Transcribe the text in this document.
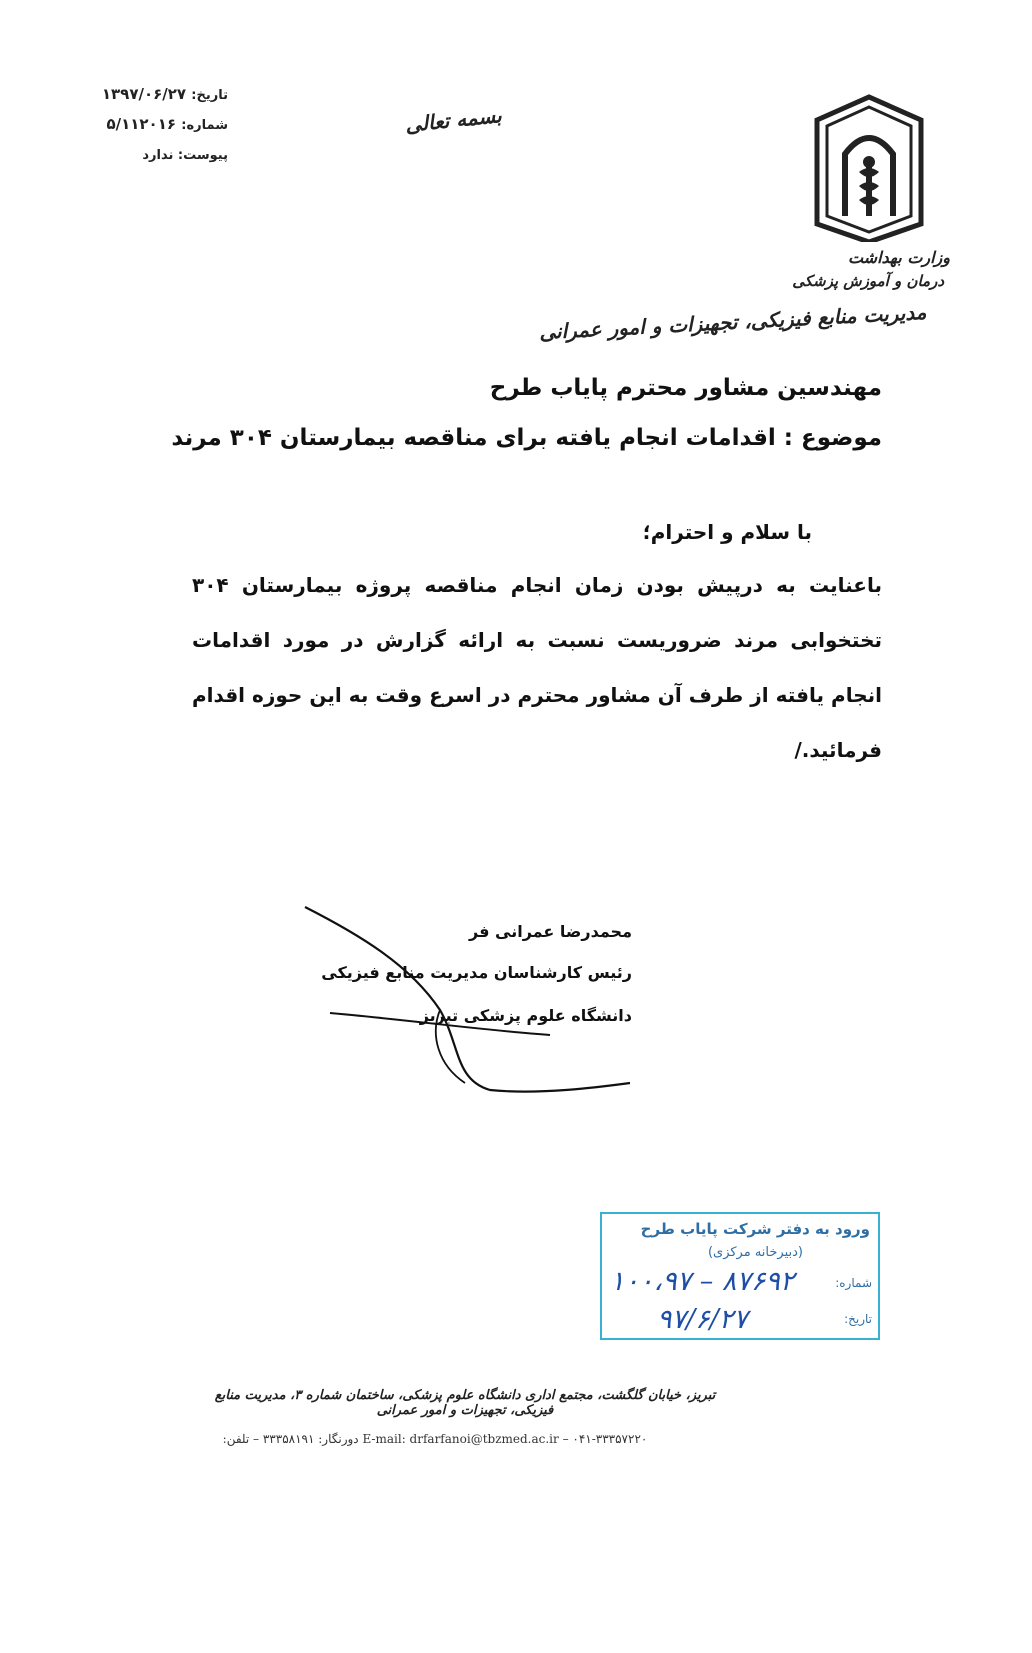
تاریخ: ۱۳۹۷/۰۶/۲۷
شماره: ۵/۱۱۲۰۱۶
پیوست: ندارد
بسمه تعالی
وزارت بهداشت
درمان و آموزش پزشکی
مدیریت منابع فیزیکی، تجهیزات و امور عمرانی
مهندسین مشاور محترم پایاب طرح
موضوع : اقدامات انجام یافته برای مناقصه بیمارستان ۳۰۴ مرند
با سلام و احترام؛
باعنایت به درپیش بودن زمان انجام مناقصه پروژه بیمارستان ۳۰۴ تختخوابی مرند ضروریست نسبت به ارائه گزارش در مورد اقدامات انجام یافته از طرف آن مشاور محترم در اسرع وقت به این حوزه اقدام فرمائید./
محمدرضا عمرانی فر
رئیس کارشناسان مدیریت منابع فیزیکی
دانشگاه علوم پزشکی تبریز
ورود به دفتر شرکت پایاب طرح
(دبیرخانه مرکزی)
شماره:
تاریخ:
۱۰۰،۹۷ – ۸۷۶۹۲
۹۷/۶/۲۷
تبریز، خیابان گلگشت، مجتمع اداری دانشگاه علوم پزشکی، ساختمان شماره ۳، مدیریت منابع فیزیکی، تجهیزات و امور عمرانی
E-mail: drfarfanoi@tbzmed.ac.ir – ۰۴۱-۳۳۳۵۷۲۲۰ دورنگار: ۳۳۳۵۸۱۹۱ – تلفن:
